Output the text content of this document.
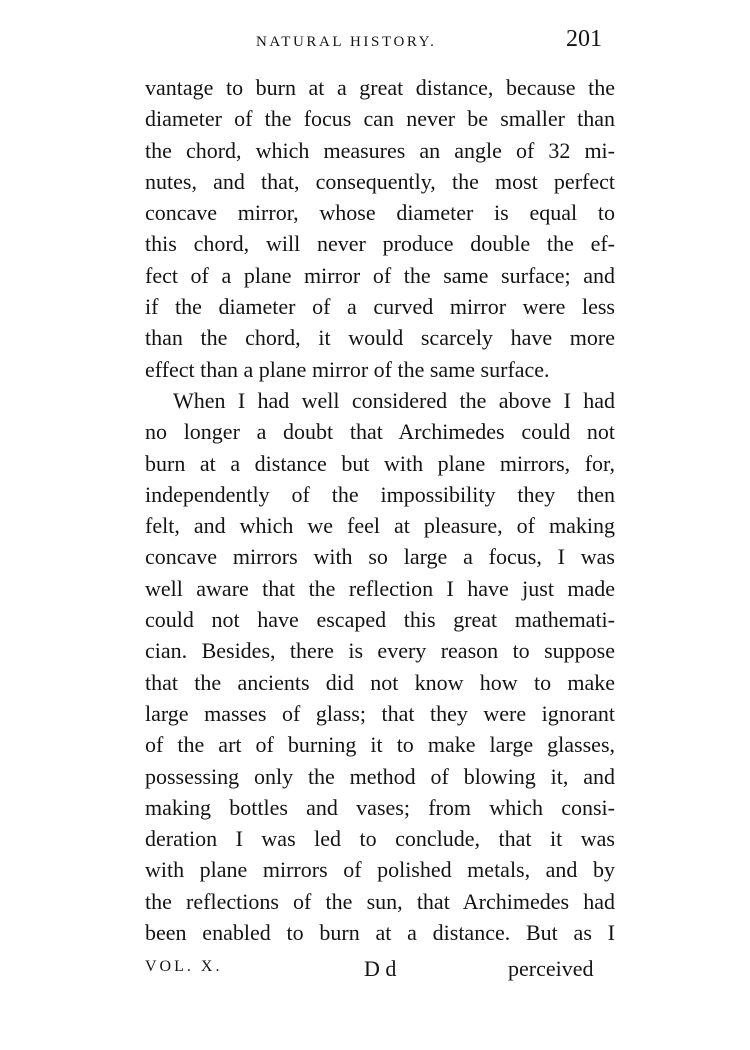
NATURAL HISTORY.	201
vantage to burn at a great distance, because the
diameter of the focus can never be smaller than
the chord, which measures an angle of 32 mi-
nutes, and that, consequently, the most perfect
concave mirror, whose diameter is equal to
this chord, will never produce double the ef-
fect of a plane mirror of the same surface; and
if the diameter of a curved mirror were less
than the chord, it would scarcely have more
effect than a plane mirror of the same surface.
When I had well considered the above I had
no longer a doubt that Archimedes could not
burn at a distance but with plane mirrors, for,
independently of the impossibility they then
felt, and which we feel at pleasure, of making
concave mirrors with so large a focus, I was
well aware that the reflection I have just made
could not have escaped this great mathemati-
cian. Besides, there is every reason to suppose
that the ancients did not know how to make
large masses of glass; that they were ignorant
of the art of burning it to make large glasses,
possessing only the method of blowing it, and
making bottles and vases; from which consi-
deration I was led to conclude, that it was
with plane mirrors of polished metals, and by
the reflections of the sun, that Archimedes had
been enabled to burn at a distance. But as I
VOL. X.	D d	perceived
